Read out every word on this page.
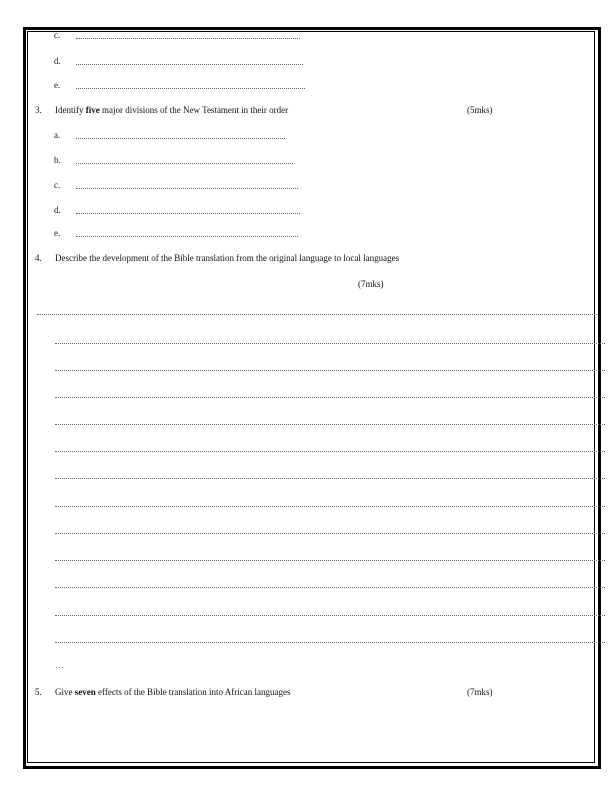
c.
d.
e.
3. Identify five major divisions of the New Testament in their order	(5mks)
a.
b.
c.
d.
e.
4. Describe the development of the Bible translation from the original language to local languages
(7mks)
…
5. Give seven effects of the Bible translation into African languages	(7mks)
